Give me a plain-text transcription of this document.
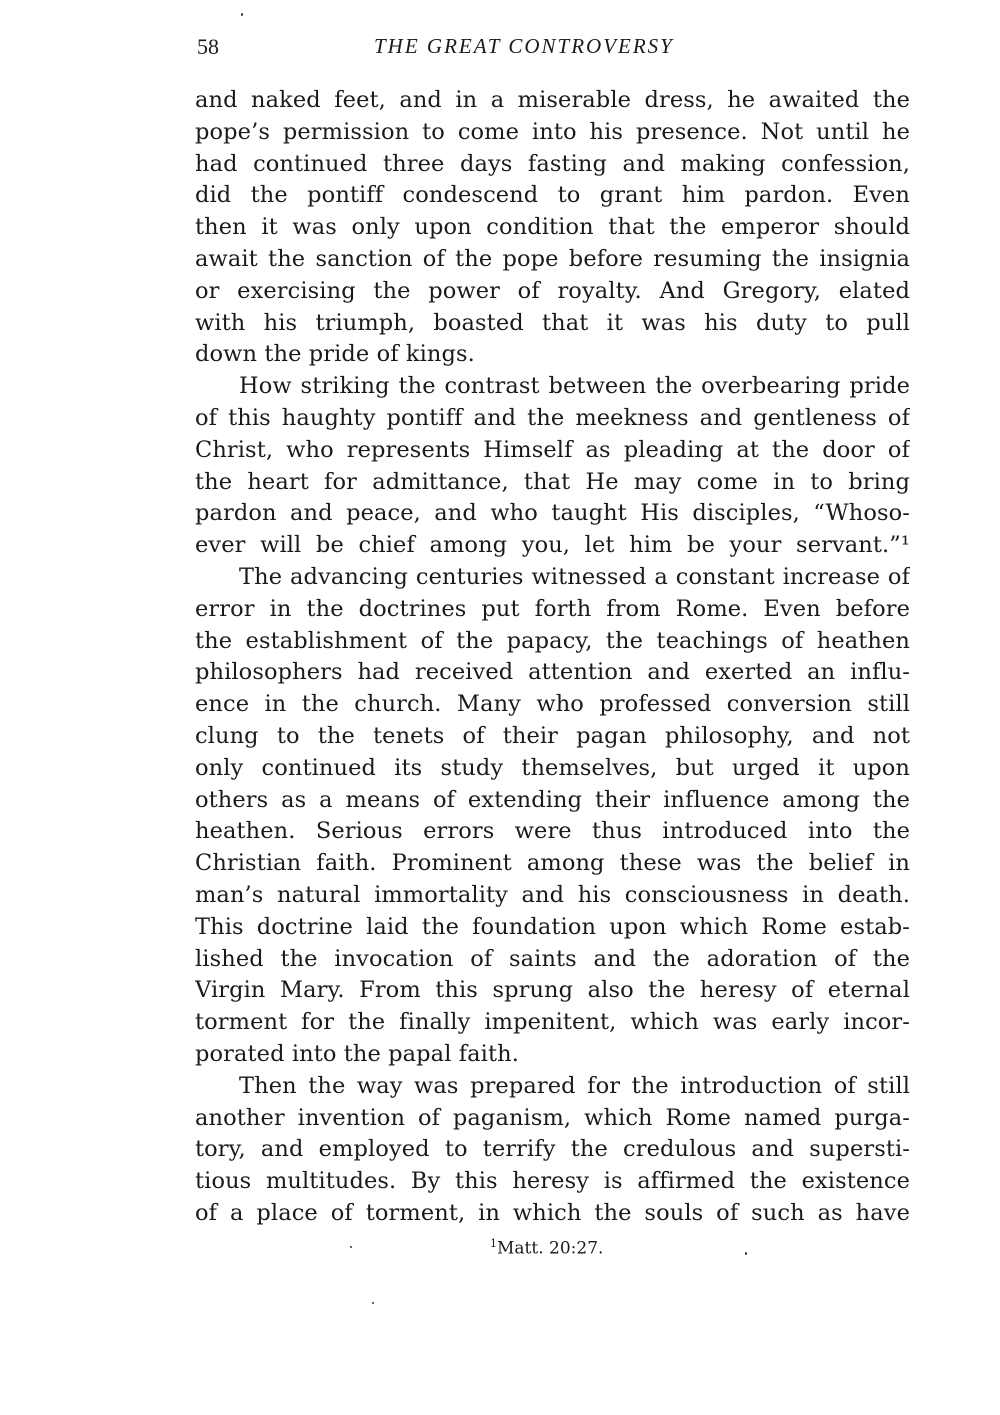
58	THE GREAT CONTROVERSY
and naked feet, and in a miserable dress, he awaited the
pope’s permission to come into his presence. Not until he
had continued three days fasting and making confession,
did the pontiff condescend to grant him pardon. Even
then it was only upon condition that the emperor should
await the sanction of the pope before resuming the insignia
or exercising the power of royalty. And Gregory, elated
with his triumph, boasted that it was his duty to pull
down the pride of kings.
How striking the contrast between the overbearing pride
of this haughty pontiff and the meekness and gentleness of
Christ, who represents Himself as pleading at the door of
the heart for admittance, that He may come in to bring
pardon and peace, and who taught His disciples, “Whoso-
ever will be chief among you, let him be your servant.”¹
The advancing centuries witnessed a constant increase of
error in the doctrines put forth from Rome. Even before
the establishment of the papacy, the teachings of heathen
philosophers had received attention and exerted an influ-
ence in the church. Many who professed conversion still
clung to the tenets of their pagan philosophy, and not
only continued its study themselves, but urged it upon
others as a means of extending their influence among the
heathen. Serious errors were thus introduced into the
Christian faith. Prominent among these was the belief in
man’s natural immortality and his consciousness in death.
This doctrine laid the foundation upon which Rome estab-
lished the invocation of saints and the adoration of the
Virgin Mary. From this sprung also the heresy of eternal
torment for the finally impenitent, which was early incor-
porated into the papal faith.
Then the way was prepared for the introduction of still
another invention of paganism, which Rome named purga-
tory, and employed to terrify the credulous and supersti-
tious multitudes. By this heresy is affirmed the existence
of a place of torment, in which the souls of such as have
$^1$Matt. 20:27.
